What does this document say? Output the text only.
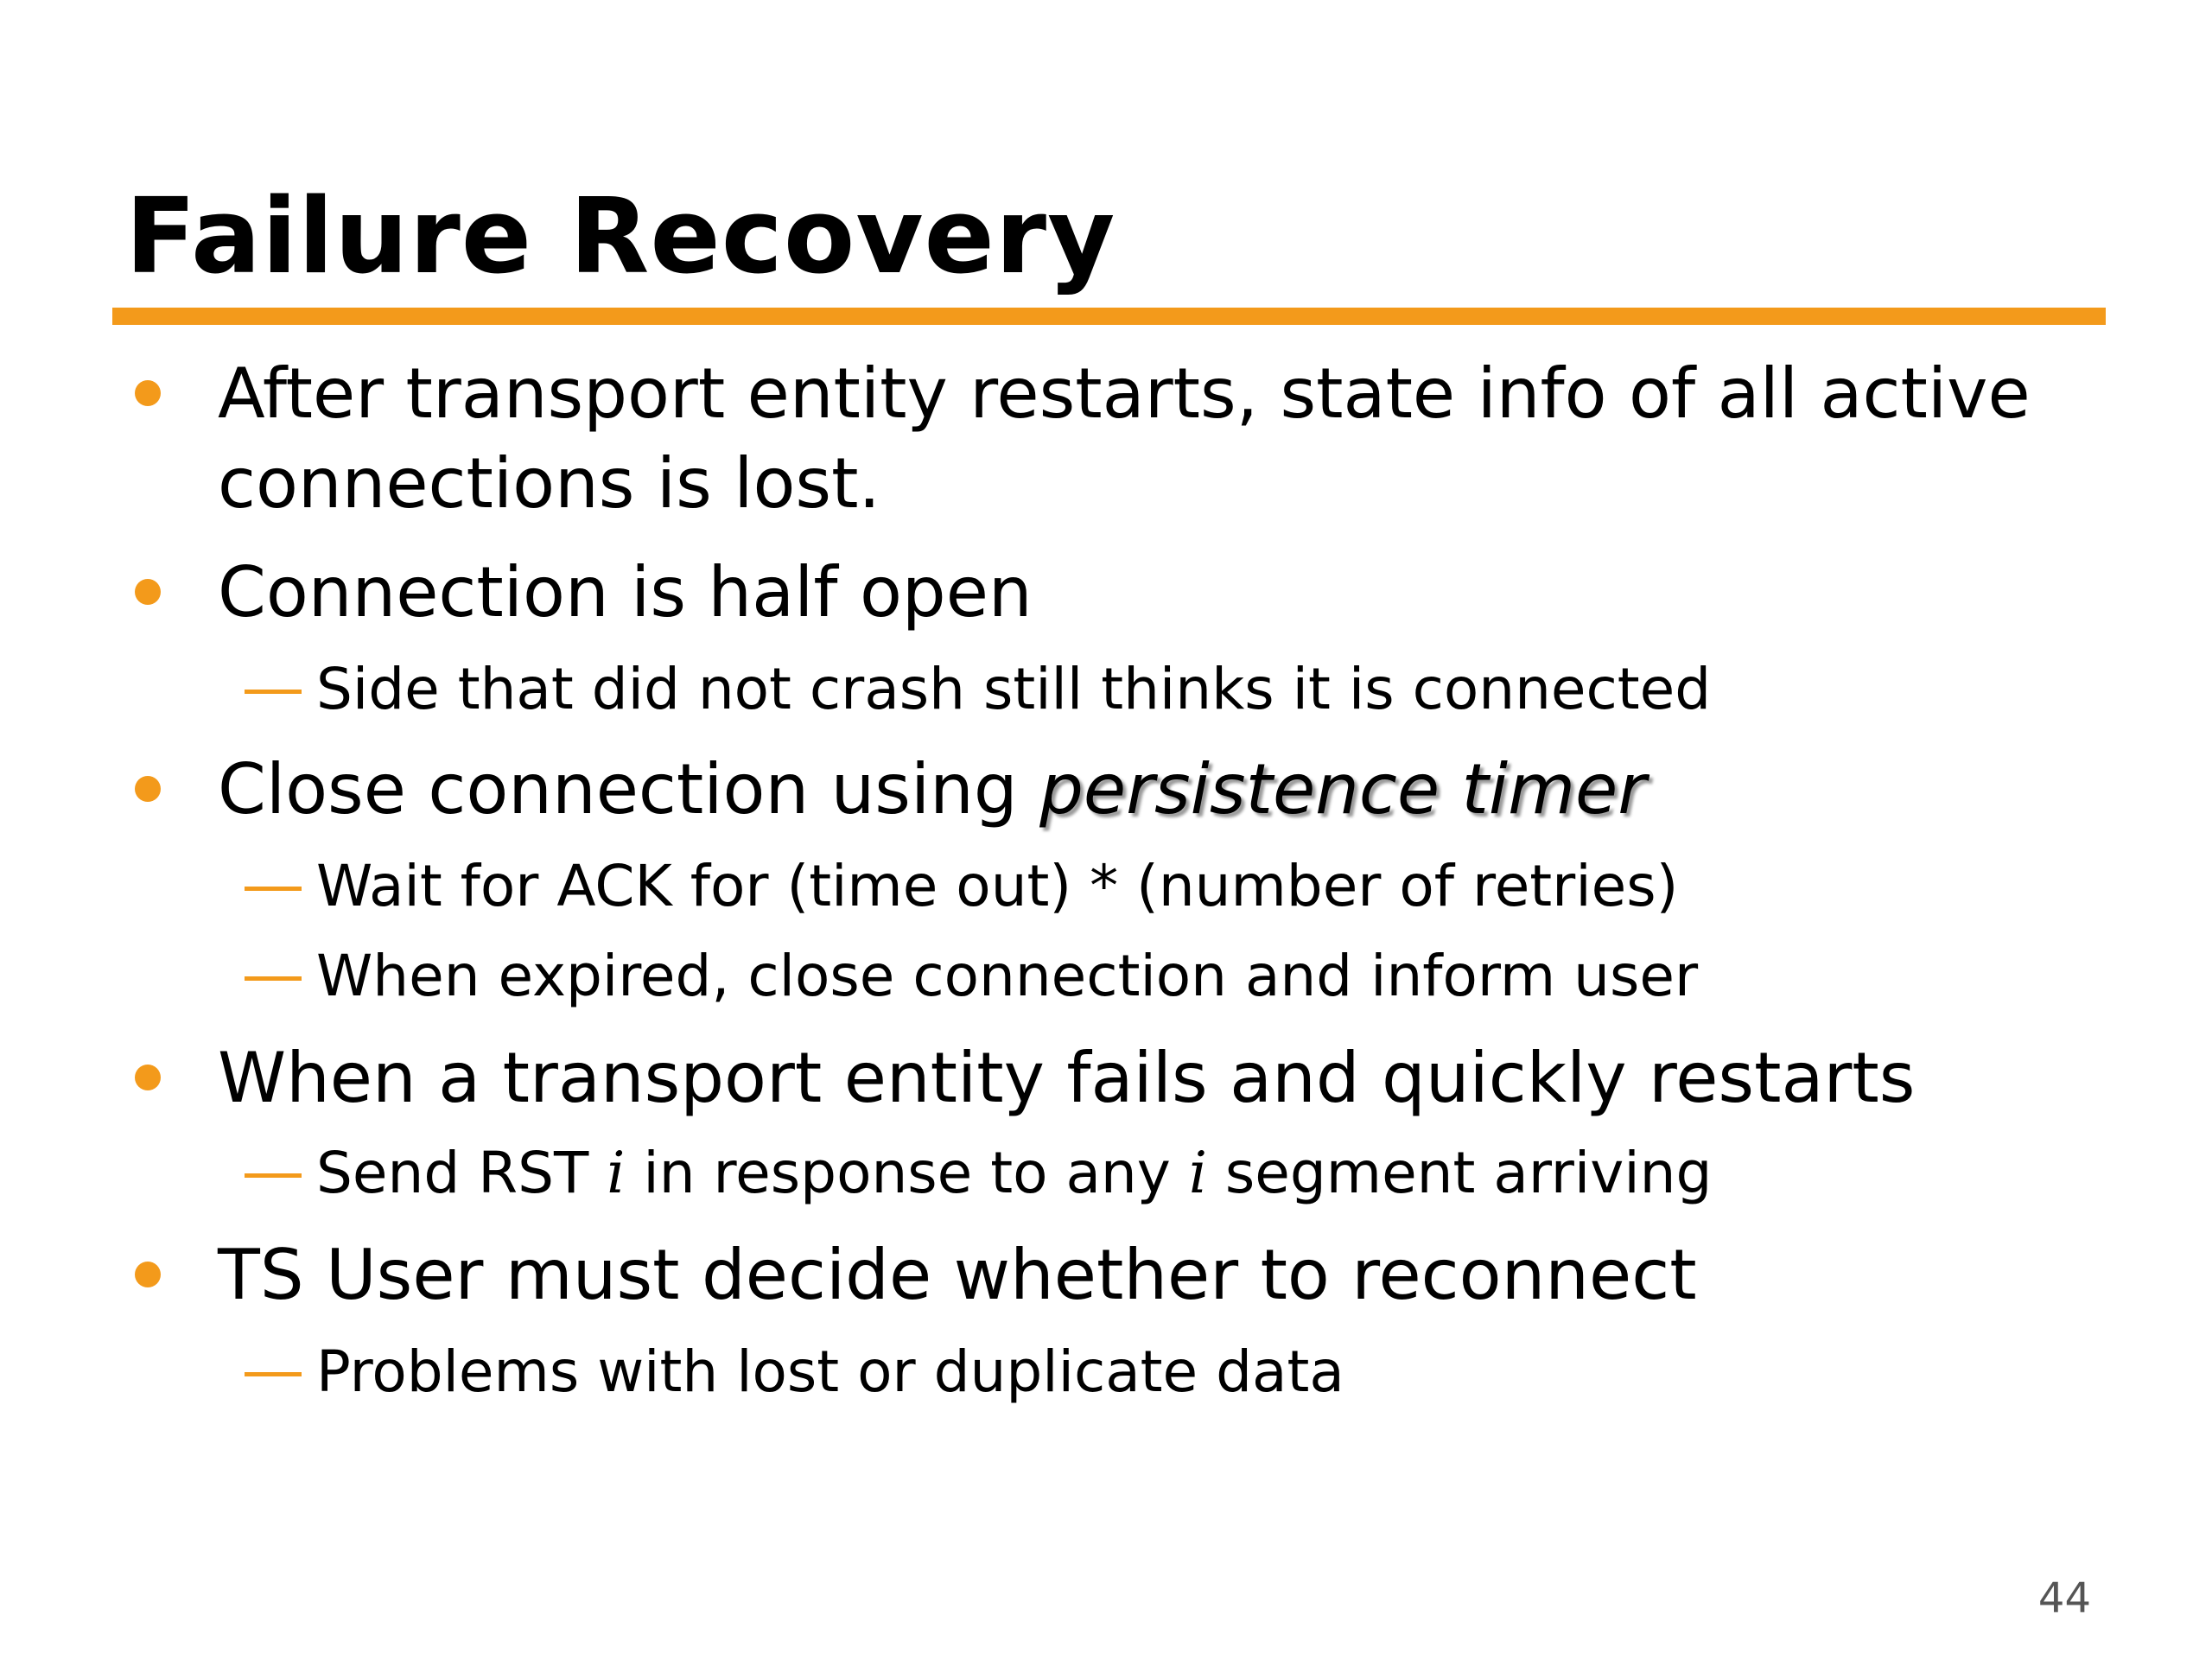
Failure Recovery
After transport entity restarts, state info of all active
connections is lost.
Connection is half open
Side that did not crash still thinks it is connected
Close connection using persistence timer
Wait for ACK for (time out) * (number of retries)
When expired, close connection and inform user
When a transport entity fails and quickly restarts
Send RST i in response to any i segment arriving
TS User must decide whether to reconnect
Problems with lost or duplicate data
44
